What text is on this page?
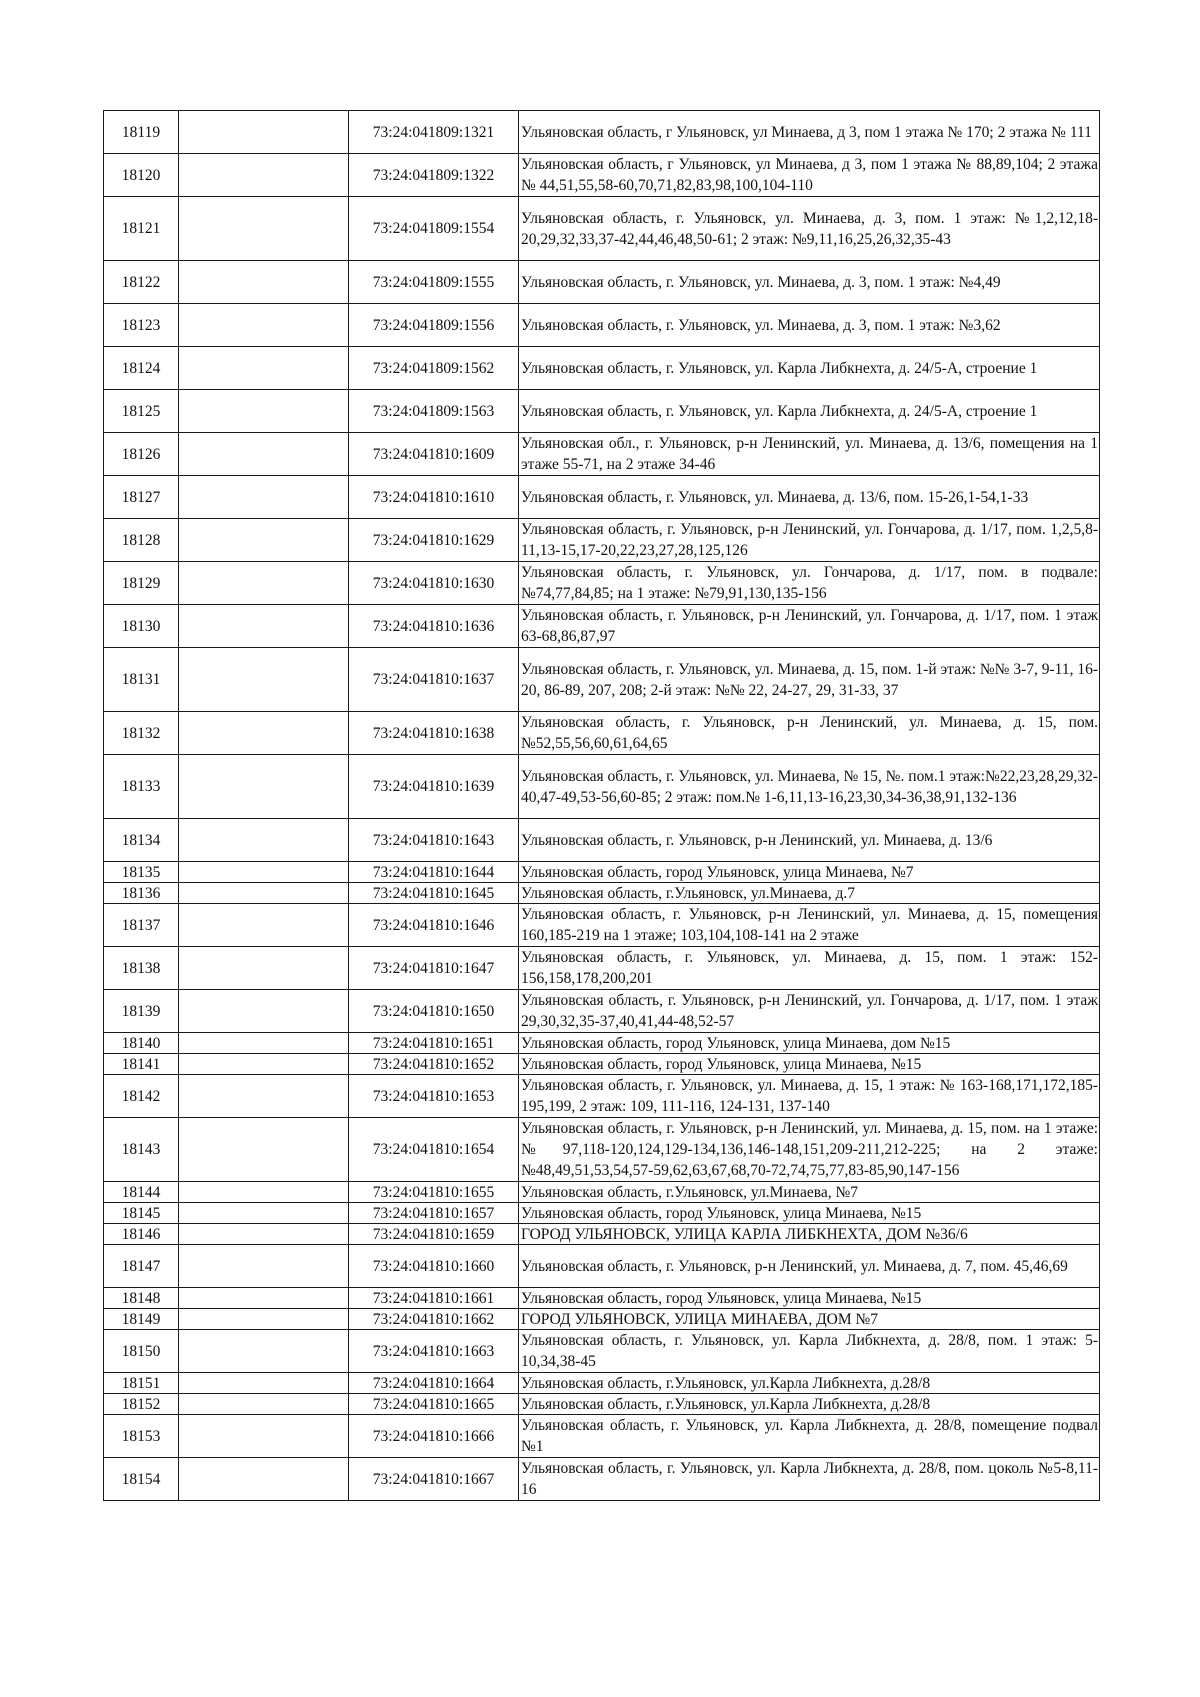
18119		73:24:041809:1321	Ульяновская область, г Ульяновск, ул Минаева, д 3, пом 1 этажа № 170; 2 этажа № 111
18120		73:24:041809:1322	Ульяновская область, г Ульяновск, ул Минаева, д 3, пом 1 этажа № 88,89,104; 2 этажа № 44,51,55,58-60,70,71,82,83,98,100,104-110
18121		73:24:041809:1554	Ульяновская область, г. Ульяновск, ул. Минаева, д. 3, пом. 1 этаж: №1,2,12,18-20,29,32,33,37-42,44,46,48,50-61; 2 этаж: №9,11,16,25,26,32,35-43
18122		73:24:041809:1555	Ульяновская область, г. Ульяновск, ул. Минаева, д. 3, пом. 1 этаж: №4,49
18123		73:24:041809:1556	Ульяновская область, г. Ульяновск, ул. Минаева, д. 3, пом. 1 этаж: №3,62
18124		73:24:041809:1562	Ульяновская область, г. Ульяновск, ул. Карла Либкнехта, д. 24/5-А, строение 1
18125		73:24:041809:1563	Ульяновская область, г. Ульяновск, ул. Карла Либкнехта, д. 24/5-А, строение 1
18126		73:24:041810:1609	Ульяновская обл., г. Ульяновск, р-н Ленинский, ул. Минаева, д. 13/6, помещения на 1 этаже 55-71, на 2 этаже 34-46
18127		73:24:041810:1610	Ульяновская область, г. Ульяновск, ул. Минаева, д. 13/6, пом. 15-26,1-54,1-33
18128		73:24:041810:1629	Ульяновская область, г. Ульяновск, р-н Ленинский, ул. Гончарова, д. 1/17, пом. 1,2,5,8-11,13-15,17-20,22,23,27,28,125,126
18129		73:24:041810:1630	Ульяновская область, г. Ульяновск, ул. Гончарова, д. 1/17, пом. в подвале: №74,77,84,85; на 1 этаже: №79,91,130,135-156
18130		73:24:041810:1636	Ульяновская область, г. Ульяновск, р-н Ленинский, ул. Гончарова, д. 1/17, пом. 1 этаж 63-68,86,87,97
18131		73:24:041810:1637	Ульяновская область, г. Ульяновск, ул. Минаева, д. 15, пом. 1-й этаж: №№ 3-7, 9-11, 16-20, 86-89, 207, 208; 2-й этаж: №№ 22, 24-27, 29, 31-33, 37
18132		73:24:041810:1638	Ульяновская область, г. Ульяновск, р-н Ленинский, ул. Минаева, д. 15, пом. №52,55,56,60,61,64,65
18133		73:24:041810:1639	Ульяновская область, г. Ульяновск, ул. Минаева, № 15, №. пом.1 этаж:№22,23,28,29,32-40,47-49,53-56,60-85; 2 этаж: пом.№ 1-6,11,13-16,23,30,34-36,38,91,132-136
18134		73:24:041810:1643	Ульяновская область, г. Ульяновск, р-н Ленинский, ул. Минаева, д. 13/6
18135		73:24:041810:1644	Ульяновская область, город Ульяновск, улица Минаева, №7
18136		73:24:041810:1645	Ульяновская область, г.Ульяновск, ул.Минаева, д.7
18137		73:24:041810:1646	Ульяновская область, г. Ульяновск, р-н Ленинский, ул. Минаева, д. 15, помещения 160,185-219 на 1 этаже; 103,104,108-141 на 2 этаже
18138		73:24:041810:1647	Ульяновская область, г. Ульяновск, ул. Минаева, д. 15, пом. 1 этаж: 152-156,158,178,200,201
18139		73:24:041810:1650	Ульяновская область, г. Ульяновск, р-н Ленинский, ул. Гончарова, д. 1/17, пом. 1 этаж 29,30,32,35-37,40,41,44-48,52-57
18140		73:24:041810:1651	Ульяновская область, город Ульяновск, улица Минаева, дом №15
18141		73:24:041810:1652	Ульяновская область, город Ульяновск, улица Минаева, №15
18142		73:24:041810:1653	Ульяновская область, г. Ульяновск, ул. Минаева, д. 15, 1 этаж: № 163-168,171,172,185-195,199, 2 этаж: 109, 111-116, 124-131, 137-140
18143		73:24:041810:1654	Ульяновская область, г. Ульяновск, р-н Ленинский, ул. Минаева, д. 15, пом. на 1 этаже: №97,118-120,124,129-134,136,146-148,151,209-211,212-225; на 2 этаже: №48,49,51,53,54,57-59,62,63,67,68,70-72,74,75,77,83-85,90,147-156
18144		73:24:041810:1655	Ульяновская область, г.Ульяновск, ул.Минаева, №7
18145		73:24:041810:1657	Ульяновская область, город Ульяновск, улица Минаева, №15
18146		73:24:041810:1659	ГОРОД УЛЬЯНОВСК, УЛИЦА КАРЛА ЛИБКНЕХТА, ДОМ №36/6
18147		73:24:041810:1660	Ульяновская область, г. Ульяновск, р-н Ленинский, ул. Минаева, д. 7, пом. 45,46,69
18148		73:24:041810:1661	Ульяновская область, город Ульяновск, улица Минаева, №15
18149		73:24:041810:1662	ГОРОД УЛЬЯНОВСК, УЛИЦА МИНАЕВА, ДОМ №7
18150		73:24:041810:1663	Ульяновская область, г. Ульяновск, ул. Карла Либкнехта, д. 28/8, пом. 1 этаж: 5-10,34,38-45
18151		73:24:041810:1664	Ульяновская область, г.Ульяновск, ул.Карла Либкнехта, д.28/8
18152		73:24:041810:1665	Ульяновская область, г.Ульяновск, ул.Карла Либкнехта, д.28/8
18153		73:24:041810:1666	Ульяновская область, г. Ульяновск, ул. Карла Либкнехта, д. 28/8, помещение подвал №1
18154		73:24:041810:1667	Ульяновская область, г. Ульяновск, ул. Карла Либкнехта, д. 28/8, пом. цоколь №5-8,11-16
